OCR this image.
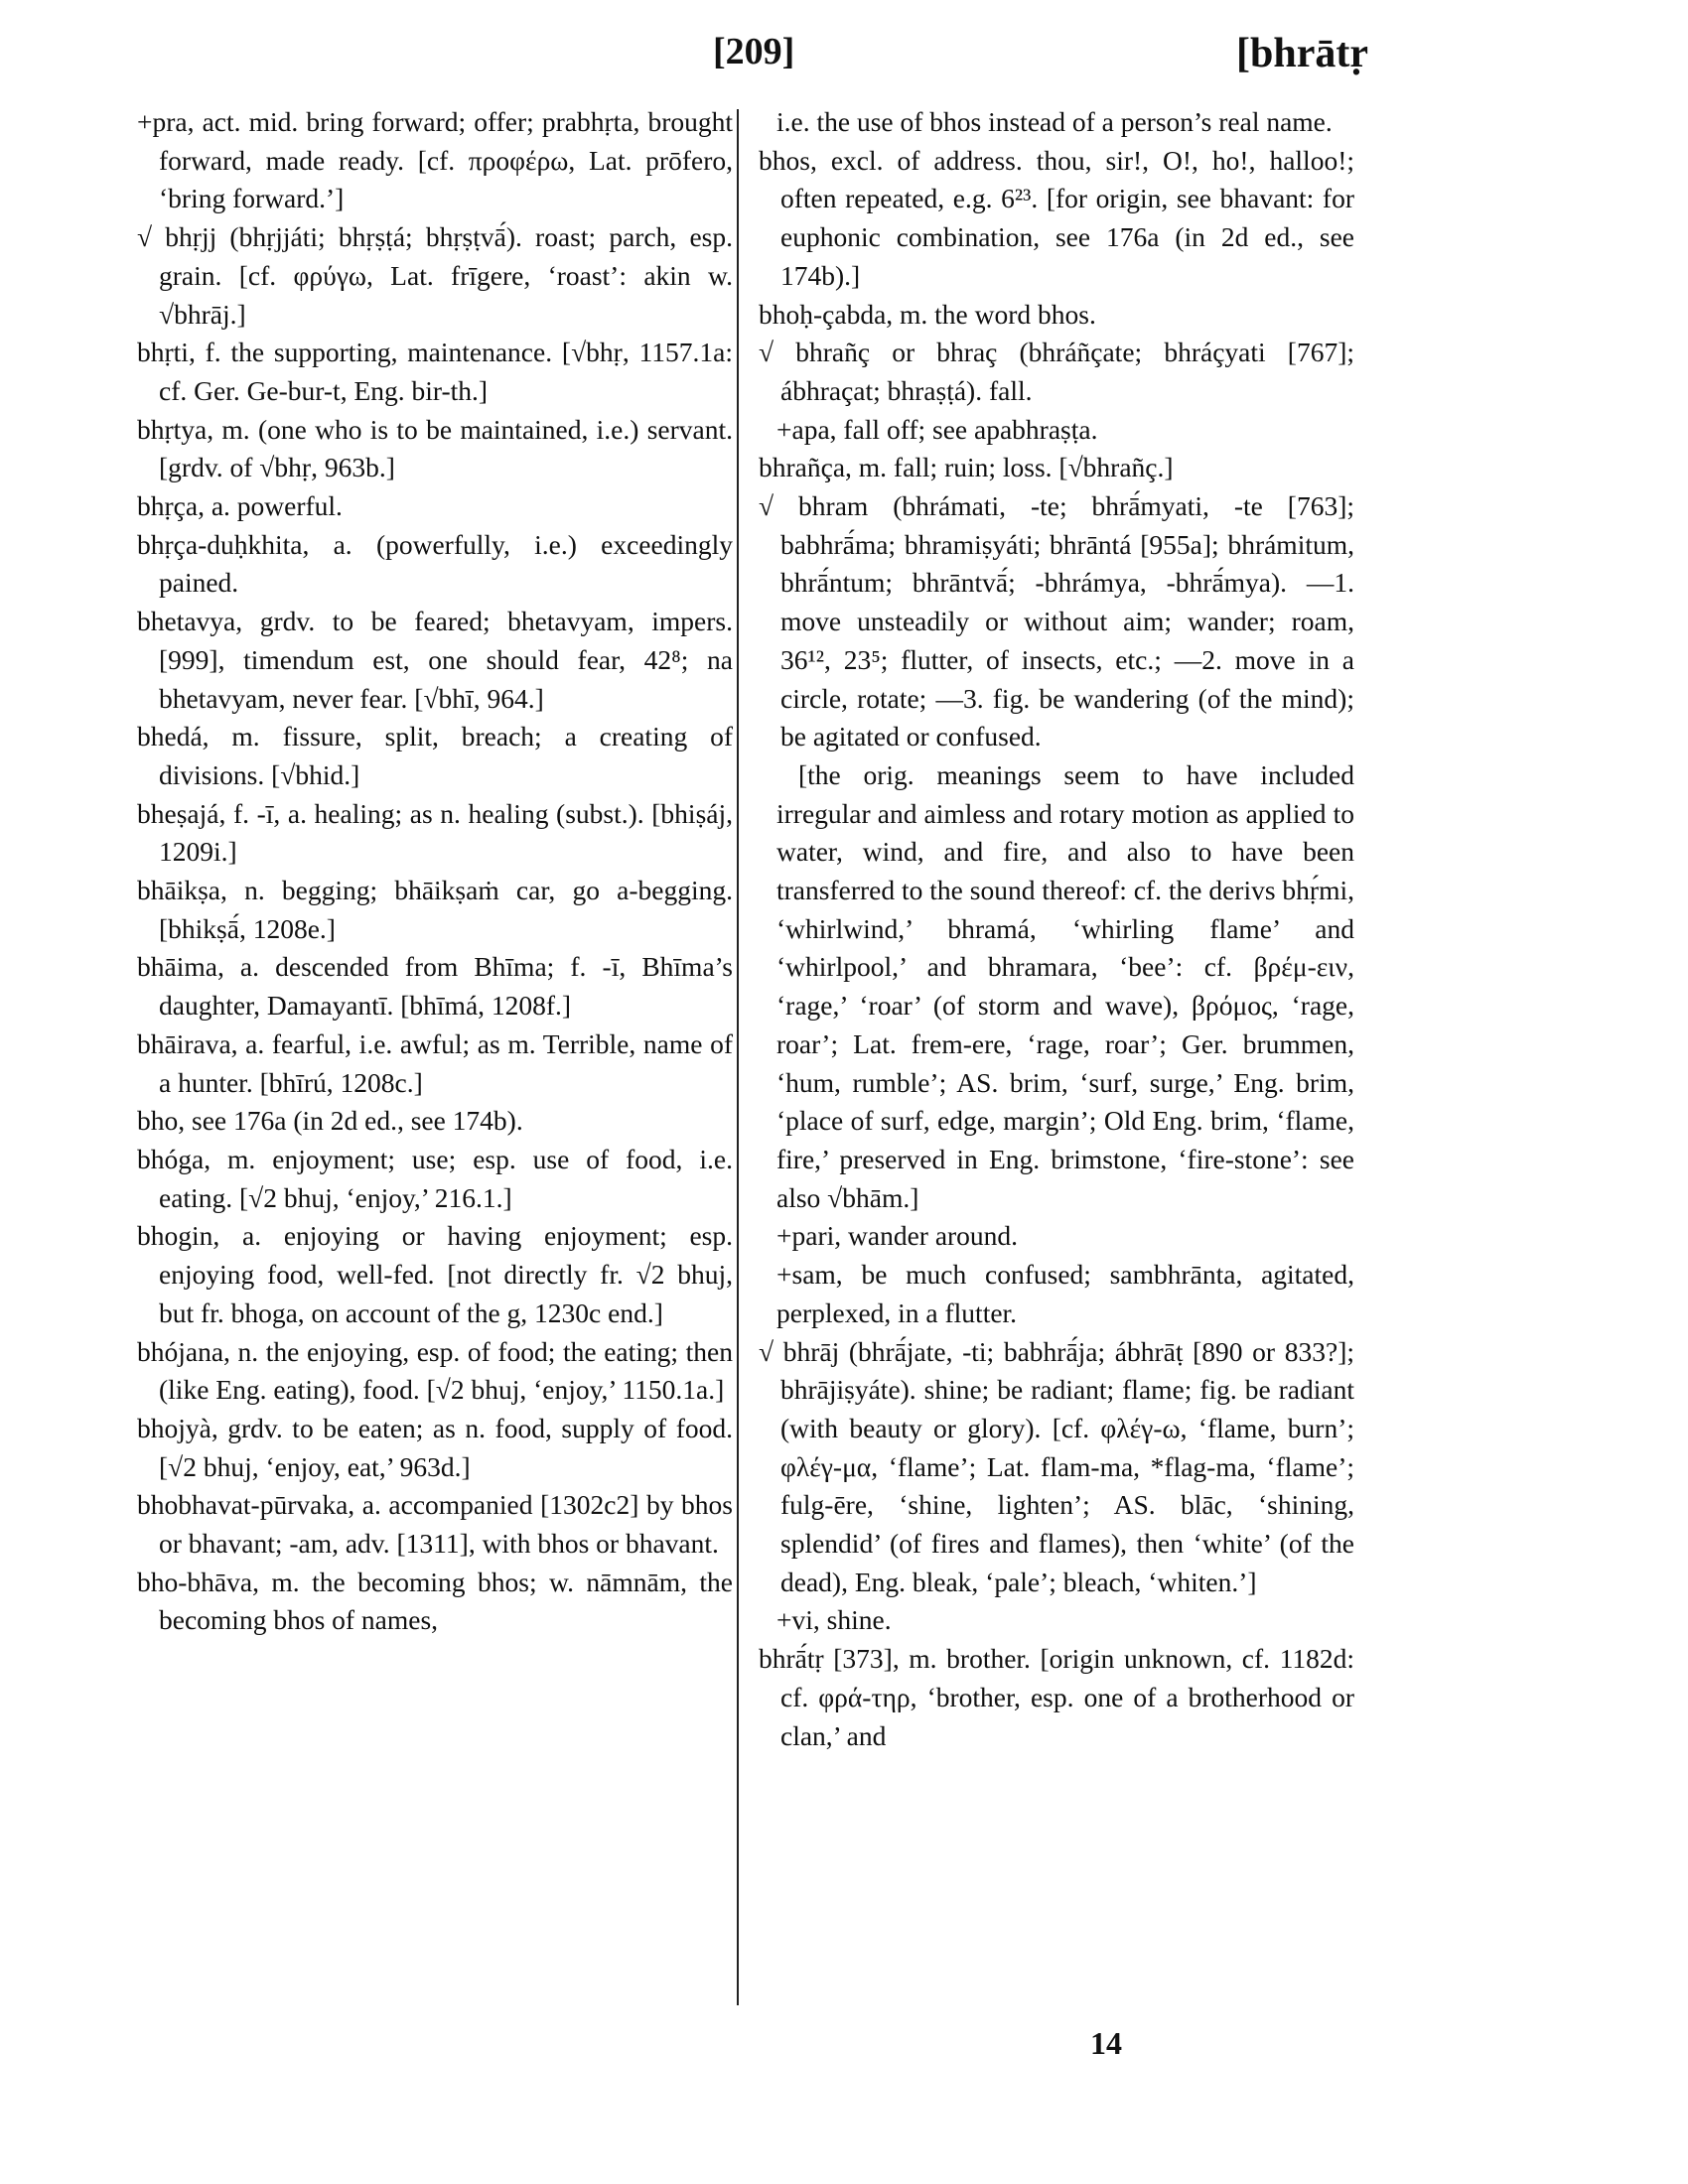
[209]	[bhrātṛ

+pra, act. mid. bring forward; offer; prabhṛta, brought forward, made ready. [cf. προφέρω, Lat. prōfero, ‘bring forward.’]

√ bhṛjj (bhṛjjáti; bhṛṣṭá; bhṛṣṭvā́). roast; parch, esp. grain. [cf. φρύγω, Lat. frīgere, ‘roast’: akin w. √bhrāj.]

bhṛti, f. the supporting, maintenance. [√bhṛ, 1157.1a: cf. Ger. Ge-bur-t, Eng. bir-th.]

bhṛtya, m. (one who is to be maintained, i.e.) servant. [grdv. of √bhṛ, 963b.]

bhṛça, a. powerful.

bhṛça-duḥkhita, a. (powerfully, i.e.) exceedingly pained.

bhetavya, grdv. to be feared; bhetavyam, impers. [999], timendum est, one should fear, 42⁸; na bhetavyam, never fear. [√bhī, 964.]

bhedá, m. fissure, split, breach; a creating of divisions. [√bhid.]

bheṣajá, f. -ī, a. healing; as n. healing (subst.). [bhiṣáj, 1209i.]

bhāikṣa, n. begging; bhāikṣaṁ car, go a-begging. [bhikṣā́, 1208e.]

bhāima, a. descended from Bhīma; f. -ī, Bhīma’s daughter, Damayantī. [bhīmá, 1208f.]

bhāirava, a. fearful, i.e. awful; as m. Terrible, name of a hunter. [bhīrú, 1208c.]

bho, see 176a (in 2d ed., see 174b).

bhóga, m. enjoyment; use; esp. use of food, i.e. eating. [√2 bhuj, ‘enjoy,’ 216.1.]

bhogin, a. enjoying or having enjoyment; esp. enjoying food, well-fed. [not directly fr. √2 bhuj, but fr. bhoga, on account of the g, 1230c end.]

bhójana, n. the enjoying, esp. of food; the eating; then (like Eng. eating), food. [√2 bhuj, ‘enjoy,’ 1150.1a.]

bhojyà, grdv. to be eaten; as n. food, supply of food. [√2 bhuj, ‘enjoy, eat,’ 963d.]

bhobhavat-pūrvaka, a. accompanied [1302c2] by bhos or bhavant; -am, adv. [1311], with bhos or bhavant.

bho-bhāva, m. the becoming bhos; w. nāmnām, the becoming bhos of names,

i.e. the use of bhos instead of a person’s real name.

bhos, excl. of address. thou, sir!, O!, ho!, halloo!; often repeated, e.g. 6²³. [for origin, see bhavant: for euphonic combination, see 176a (in 2d ed., see 174b).]

bhoḥ-çabda, m. the word bhos.

√ bhrañç or bhraç (bhráñçate; bhráçyati [767]; ábhraçat; bhraṣṭá). fall.

+apa, fall off; see apabhraṣṭa.

bhrañça, m. fall; ruin; loss. [√bhrañç.]

√ bhram (bhrámati, -te; bhrā́myati, -te [763]; babhrā́ma; bhramiṣyáti; bhrāntá [955a]; bhrámitum, bhrā́ntum; bhrāntvā́; -bhrámya, -bhrā́mya). —1. move unsteadily or without aim; wander; roam, 36¹², 23⁵; flutter, of insects, etc.; —2. move in a circle, rotate; —3. fig. be wandering (of the mind); be agitated or confused.

[the orig. meanings seem to have included irregular and aimless and rotary motion as applied to water, wind, and fire, and also to have been transferred to the sound thereof: cf. the derivs bhṛ́mi, ‘whirlwind,’ bhramá, ‘whirling flame’ and ‘whirlpool,’ and bhramara, ‘bee’: cf. βρέμ-ειν, ‘rage,’ ‘roar’ (of storm and wave), βρόμος, ‘rage, roar’; Lat. frem-ere, ‘rage, roar’; Ger. brummen, ‘hum, rumble’; AS. brim, ‘surf, surge,’ Eng. brim, ‘place of surf, edge, margin’; Old Eng. brim, ‘flame, fire,’ preserved in Eng. brimstone, ‘fire-stone’: see also √bhām.]

+pari, wander around.

+sam, be much confused; sambhrānta, agitated, perplexed, in a flutter.

√ bhrāj (bhrā́jate, -ti; babhrā́ja; ábhrāṭ [890 or 833?]; bhrājiṣyáte). shine; be radiant; flame; fig. be radiant (with beauty or glory). [cf. φλέγ-ω, ‘flame, burn’; φλέγ-μα, ‘flame’; Lat. flam-ma, *flag-ma, ‘flame’; fulg-ēre, ‘shine, lighten’; AS. blāc, ‘shining, splendid’ (of fires and flames), then ‘white’ (of the dead), Eng. bleak, ‘pale’; bleach, ‘whiten.’]

+vi, shine.

bhrā́tṛ [373], m. brother. [origin unknown, cf. 1182d: cf. φρά-τηρ, ‘brother, esp. one of a brotherhood or clan,’ and

14
